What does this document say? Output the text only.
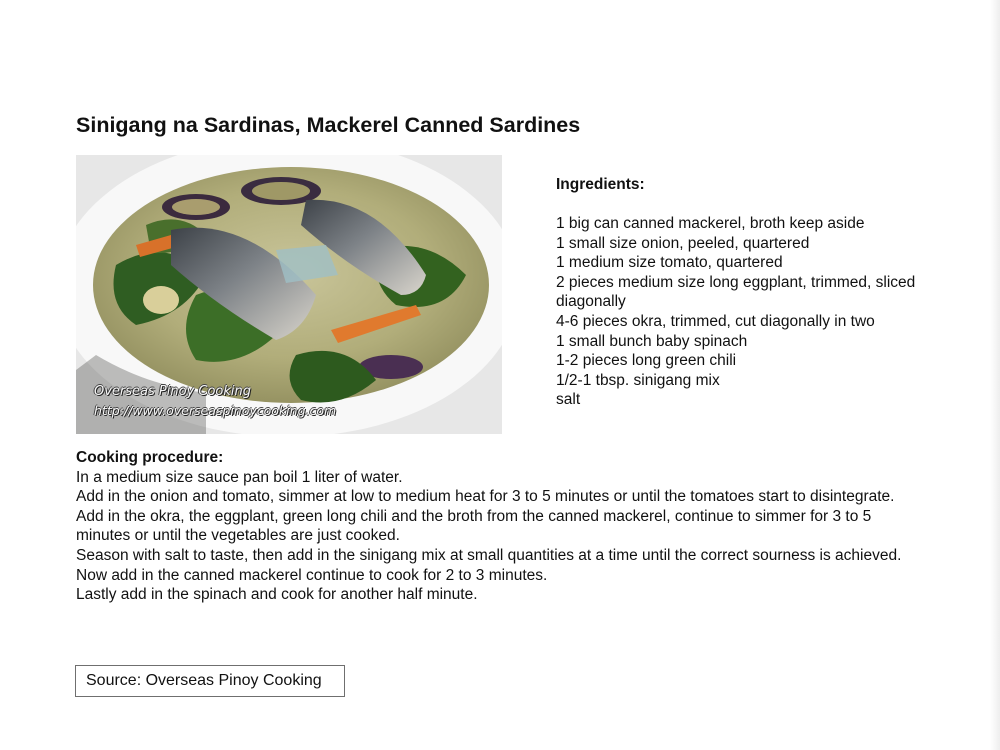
Sinigang na Sardinas, Mackerel Canned Sardines
Overseas Pinoy Cooking
http://www.overseaspinoycooking.com
Ingredients:
1 big can canned mackerel, broth keep aside
1 small size onion, peeled, quartered
1 medium size tomato, quartered
2 pieces medium size long eggplant, trimmed, sliced diagonally
4-6 pieces okra, trimmed, cut diagonally in two
1 small bunch baby spinach
1-2 pieces long green chili
1/2-1 tbsp. sinigang mix
salt
Cooking procedure:
In a medium size sauce pan boil 1 liter of water.
Add in the onion and tomato, simmer at low to medium heat for 3 to 5 minutes or until the tomatoes start to disintegrate.
Add in the okra, the eggplant, green long chili and the broth from the canned mackerel, continue to simmer for 3 to 5 minutes or until the vegetables are just cooked.
Season with salt to taste, then add in the sinigang mix at small quantities at a time until the correct sourness is achieved.
Now add in the canned mackerel continue to cook for 2 to 3 minutes.
Lastly add in the spinach and cook for another half minute.
Source: Overseas Pinoy Cooking
